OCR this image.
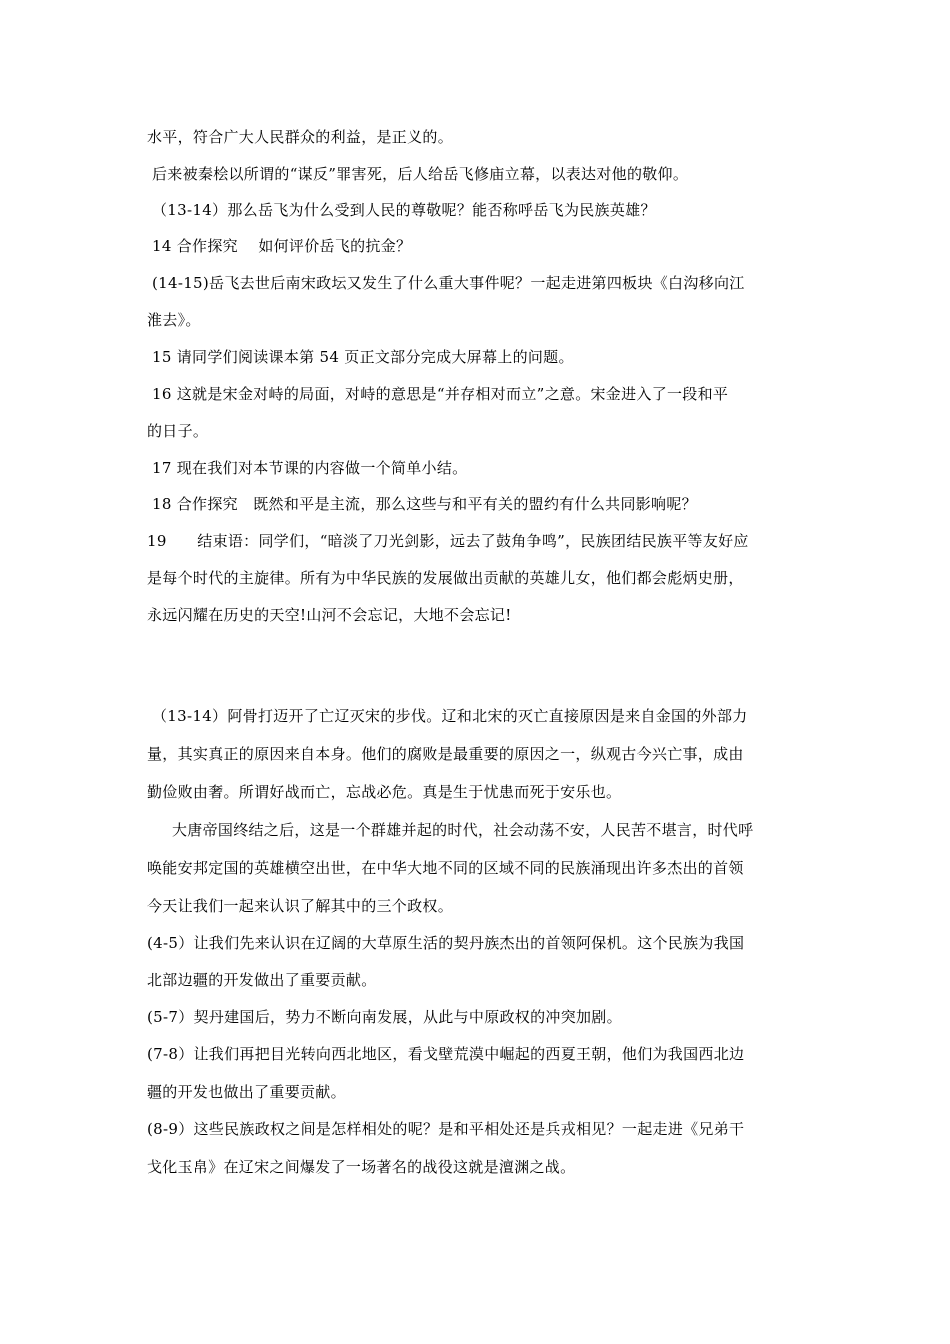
水平，符合广大人民群众的利益，是正义的。
后来被秦桧以所谓的“谋反”罪害死，后人给岳飞修庙立幕，以表达对他的敬仰。
（13-14）那么岳飞为什么受到人民的尊敬呢？能否称呼岳飞为民族英雄？
14 合作探究　 如何评价岳飞的抗金？
(14-15)岳飞去世后南宋政坛又发生了什么重大事件呢？一起走进第四板块《白沟移向江
淮去》。
15 请同学们阅读课本第 54 页正文部分完成大屏幕上的问题。
16 这就是宋金对峙的局面，对峙的意思是“并存相对而立”之意。宋金进入了一段和平
的日子。
17 现在我们对本节课的内容做一个简单小结。
18 合作探究　既然和平是主流，那么这些与和平有关的盟约有什么共同影响呢？
19　　结束语：同学们，“暗淡了刀光剑影，远去了鼓角争鸣”，民族团结民族平等友好应
是每个时代的主旋律。所有为中华民族的发展做出贡献的英雄儿女，他们都会彪炳史册，
永远闪耀在历史的天空!山河不会忘记，大地不会忘记!
（13-14）阿骨打迈开了亡辽灭宋的步伐。辽和北宋的灭亡直接原因是来自金国的外部力
量，其实真正的原因来自本身。他们的腐败是最重要的原因之一，纵观古今兴亡事，成由
勤俭败由奢。所谓好战而亡，忘战必危。真是生于忧患而死于安乐也。
大唐帝国终结之后，这是一个群雄并起的时代，社会动荡不安，人民苦不堪言，时代呼
唤能安邦定国的英雄横空出世，在中华大地不同的区域不同的民族涌现出许多杰出的首领
今天让我们一起来认识了解其中的三个政权。
(4-5）让我们先来认识在辽阔的大草原生活的契丹族杰出的首领阿保机。这个民族为我国
北部边疆的开发做出了重要贡献。
(5-7）契丹建国后，势力不断向南发展，从此与中原政权的冲突加剧。
(7-8）让我们再把目光转向西北地区，看戈壁荒漠中崛起的西夏王朝，他们为我国西北边
疆的开发也做出了重要贡献。
(8-9）这些民族政权之间是怎样相处的呢？是和平相处还是兵戎相见？一起走进《兄弟干
戈化玉帛》在辽宋之间爆发了一场著名的战役这就是澶渊之战。
